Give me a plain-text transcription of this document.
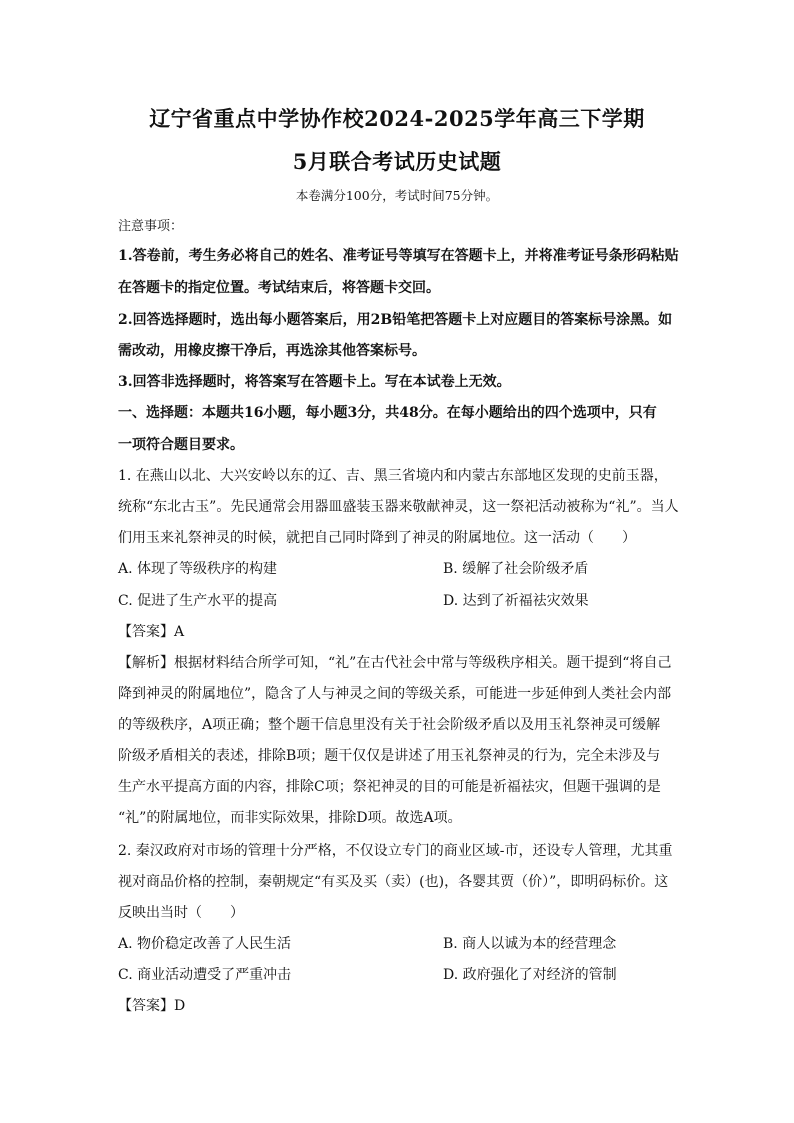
辽宁省重点中学协作校2024-2025学年高三下学期
5月联合考试历史试题
本卷满分100分，考试时间75分钟。
注意事项：
1.答卷前，考生务必将自己的姓名、准考证号等填写在答题卡上，并将准考证号条形码粘贴
在答题卡的指定位置。考试结束后，将答题卡交回。
2.回答选择题时，选出每小题答案后，用2B铅笔把答题卡上对应题目的答案标号涂黑。如
需改动，用橡皮擦干净后，再选涂其他答案标号。
3.回答非选择题时，将答案写在答题卡上。写在本试卷上无效。
一、选择题：本题共16小题，每小题3分，共48分。在每小题给出的四个选项中，只有
一项符合题目要求。
1. 在燕山以北、大兴安岭以东的辽、吉、黑三省境内和内蒙古东部地区发现的史前玉器，
统称“东北古玉”。先民通常会用器皿盛装玉器来敬献神灵，这一祭祀活动被称为“礼”。当人
们用玉来礼祭神灵的时候，就把自己同时降到了神灵的附属地位。这一活动（　　）
A. 体现了等级秩序的构建	B. 缓解了社会阶级矛盾
C. 促进了生产水平的提高	D. 达到了祈福祛灾效果
【答案】A
【解析】根据材料结合所学可知，“礼”在古代社会中常与等级秩序相关。题干提到“将自己
降到神灵的附属地位”，隐含了人与神灵之间的等级关系，可能进一步延伸到人类社会内部
的等级秩序，A项正确；整个题干信息里没有关于社会阶级矛盾以及用玉礼祭神灵可缓解
阶级矛盾相关的表述，排除B项；题干仅仅是讲述了用玉礼祭神灵的行为，完全未涉及与
生产水平提高方面的内容，排除C项；祭祀神灵的目的可能是祈福祛灾，但题干强调的是
“礼”的附属地位，而非实际效果，排除D项。故选A项。
2. 秦汉政府对市场的管理十分严格，不仅设立专门的商业区域-市，还设专人管理，尤其重
视对商品价格的控制，秦朝规定“有买及买（卖）(也)，各婴其贾（价）”，即明码标价。这
反映出当时（　　）
A. 物价稳定改善了人民生活	B. 商人以诚为本的经营理念
C. 商业活动遭受了严重冲击	D. 政府强化了对经济的管制
【答案】D
